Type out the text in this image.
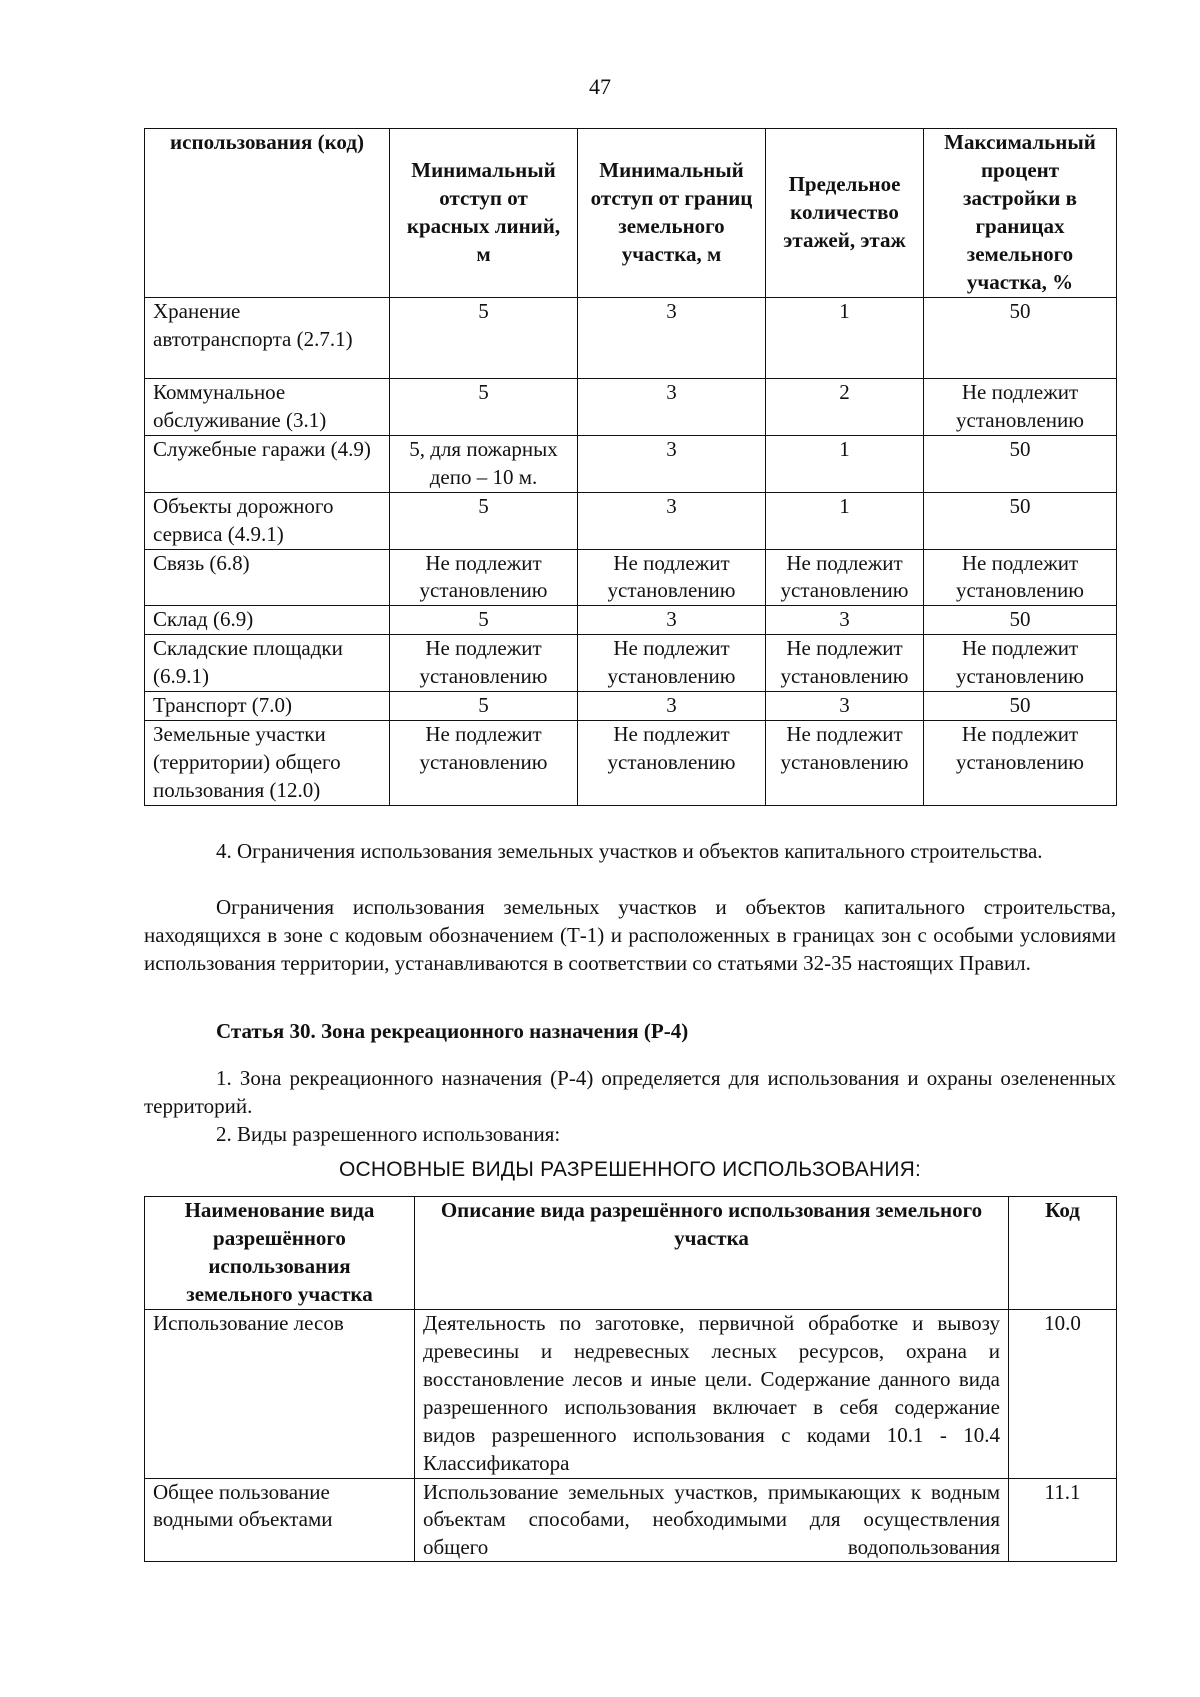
47
использования (код)	Минимальный отступ от красных линий, м	Минимальный отступ от границ земельного участка, м	Предельное количество этажей, этаж	Максимальный процент застройки в границах земельного участка, %
Хранение автотранспорта (2.7.1)	5	3	1	50
Коммунальное обслуживание (3.1)	5	3	2	Не подлежит установлению
Служебные гаражи (4.9)	5, для пожарных депо – 10 м.	3	1	50
Объекты дорожного сервиса (4.9.1)	5	3	1	50
Связь (6.8)	Не подлежит установлению	Не подлежит установлению	Не подлежит установлению	Не подлежит установлению
Склад (6.9)	5	3	3	50
Складские площадки (6.9.1)	Не подлежит установлению	Не подлежит установлению	Не подлежит установлению	Не подлежит установлению
Транспорт (7.0)	5	3	3	50
Земельные участки (территории) общего пользования (12.0)	Не подлежит установлению	Не подлежит установлению	Не подлежит установлению	Не подлежит установлению
4. Ограничения использования земельных участков и объектов капитального строительства.
Ограничения использования земельных участков и объектов капитального строительства, находящихся в зоне с кодовым обозначением (Т-1) и расположенных в границах зон с особыми условиями использования территории, устанавливаются в соответствии со статьями 32-35 настоящих Правил.
Статья 30. Зона рекреационного назначения (Р-4)
1. Зона рекреационного назначения (Р-4) определяется для использования и охраны озелененных территорий.
2. Виды разрешенного использования:
ОСНОВНЫЕ ВИДЫ РАЗРЕШЕННОГО ИСПОЛЬЗОВАНИЯ:
Наименование вида разрешённого использования земельного участка	Описание вида разрешённого использования земельного участка	Код
Использование лесов	Деятельность по заготовке, первичной обработке и вывозу древесины и недревесных лесных ресурсов, охрана и восстановление лесов и иные цели. Содержание данного вида разрешенного использования включает в себя содержание видов разрешенного использования с кодами 10.1 - 10.4 Классификатора	10.0
Общее пользование водными объектами	Использование земельных участков, примыкающих к водным объектам способами, необходимыми для осуществления общего водопользования	11.1
